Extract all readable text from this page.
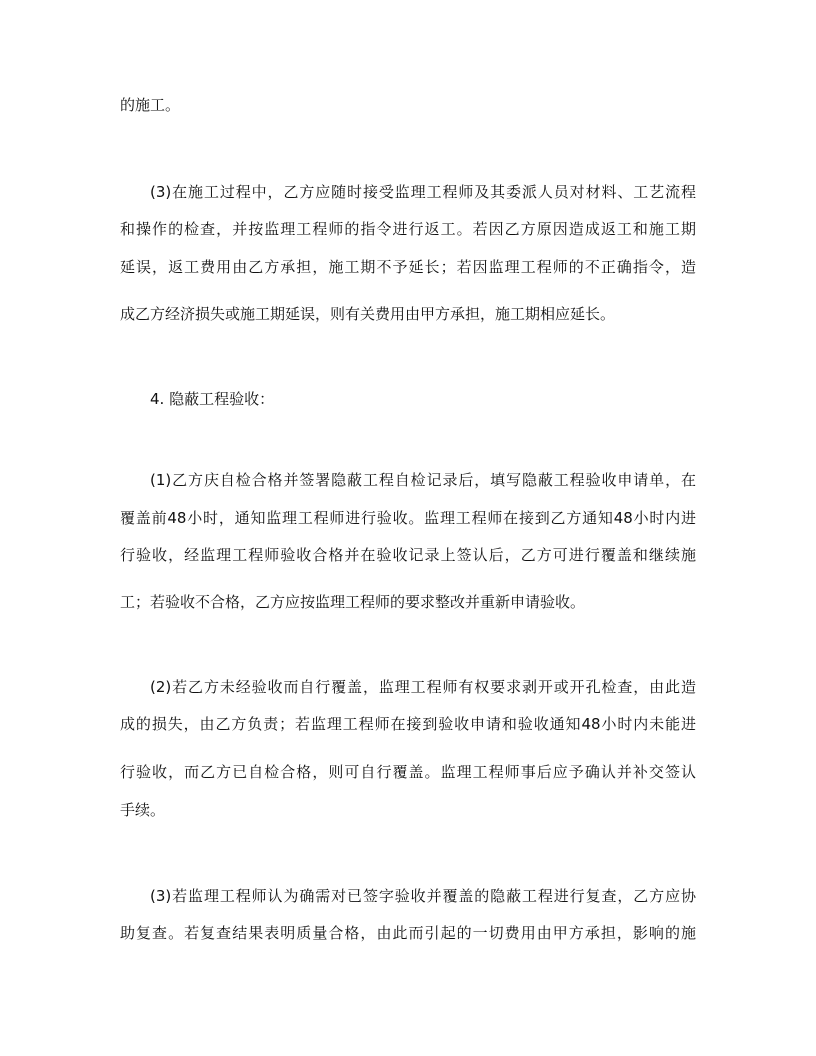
的施工。
(3)在施工过程中，乙方应随时接受监理工程师及其委派人员对材料、工艺流程
和操作的检查，并按监理工程师的指令进行返工。若因乙方原因造成返工和施工期
延误，返工费用由乙方承担，施工期不予延长；若因监理工程师的不正确指令，造
成乙方经济损失或施工期延误，则有关费用由甲方承担，施工期相应延长。
4. 隐蔽工程验收：
(1)乙方庆自检合格并签署隐蔽工程自检记录后，填写隐蔽工程验收申请单，在
覆盖前48小时，通知监理工程师进行验收。监理工程师在接到乙方通知48小时内进
行验收，经监理工程师验收合格并在验收记录上签认后，乙方可进行覆盖和继续施
工；若验收不合格，乙方应按监理工程师的要求整改并重新申请验收。
(2)若乙方未经验收而自行覆盖，监理工程师有权要求剥开或开孔检查，由此造
成的损失，由乙方负责；若监理工程师在接到验收申请和验收通知48小时内未能进
行验收，而乙方已自检合格，则可自行覆盖。监理工程师事后应予确认并补交签认
手续。
(3)若监理工程师认为确需对已签字验收并覆盖的隐蔽工程进行复查，乙方应协
助复查。若复查结果表明质量合格，由此而引起的一切费用由甲方承担，影响的施
